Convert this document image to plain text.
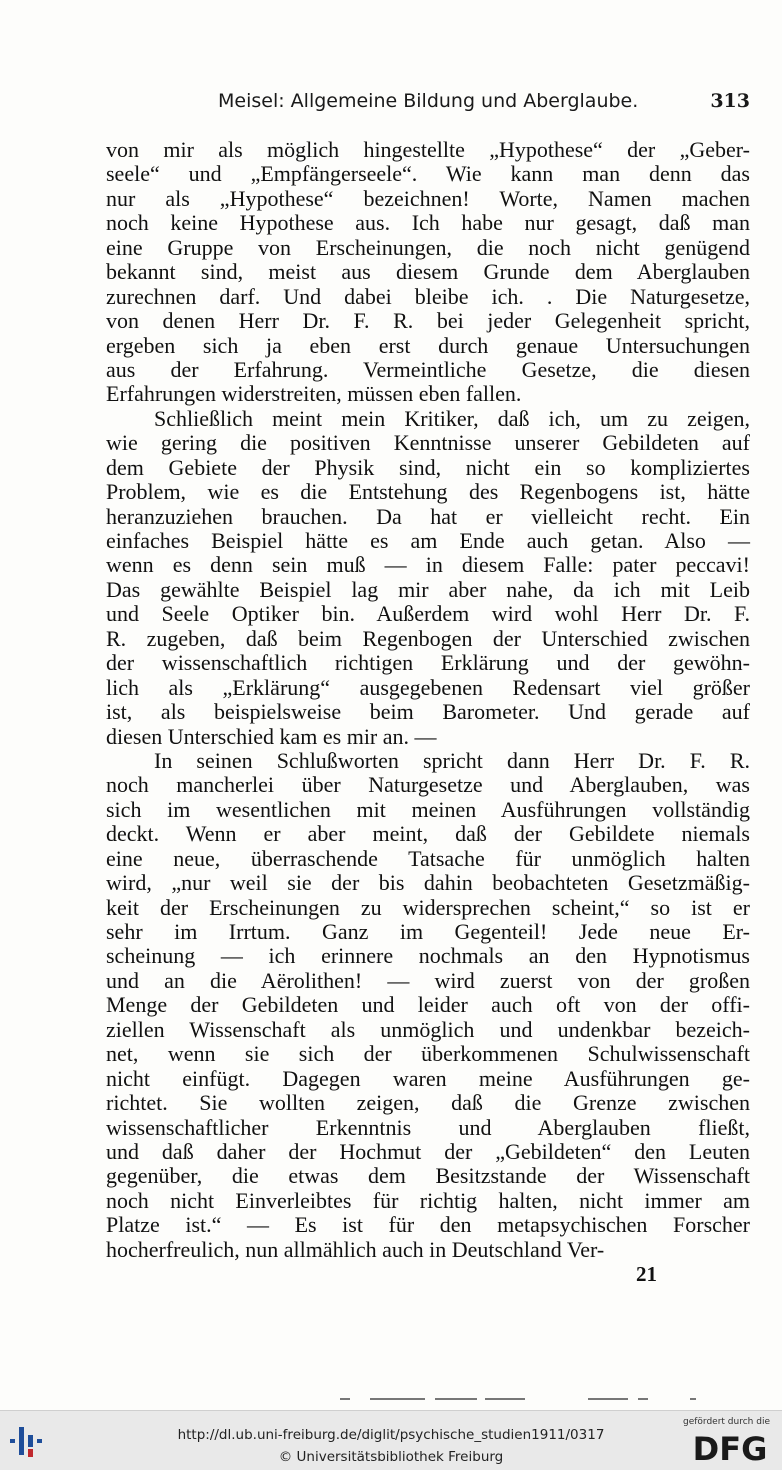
Meisel: Allgemeine Bildung und Aberglaube.	313
von mir als möglich hingestellte „Hypothese“ der „Geber-
seele“ und „Empfängerseele“. Wie kann man denn das
nur als „Hypothese“ bezeichnen! Worte, Namen machen
noch keine Hypothese aus. Ich habe nur gesagt, daß man
eine Gruppe von Erscheinungen, die noch nicht genügend
bekannt sind, meist aus diesem Grunde dem Aberglauben
zurechnen darf. Und dabei bleibe ich. . Die Naturgesetze,
von denen Herr Dr. F. R. bei jeder Gelegenheit spricht,
ergeben sich ja eben erst durch genaue Untersuchungen
aus der Erfahrung. Vermeintliche Gesetze, die diesen
Erfahrungen widerstreiten, müssen eben fallen.
Schließlich meint mein Kritiker, daß ich, um zu zeigen,
wie gering die positiven Kenntnisse unserer Gebildeten auf
dem Gebiete der Physik sind, nicht ein so kompliziertes
Problem, wie es die Entstehung des Regenbogens ist, hätte
heranzuziehen brauchen. Da hat er vielleicht recht. Ein
einfaches Beispiel hätte es am Ende auch getan. Also —
wenn es denn sein muß — in diesem Falle: pater peccavi!
Das gewählte Beispiel lag mir aber nahe, da ich mit Leib
und Seele Optiker bin. Außerdem wird wohl Herr Dr. F.
R. zugeben, daß beim Regenbogen der Unterschied zwischen
der wissenschaftlich richtigen Erklärung und der gewöhn-
lich als „Erklärung“ ausgegebenen Redensart viel größer
ist, als beispielsweise beim Barometer. Und gerade auf
diesen Unterschied kam es mir an. —
In seinen Schlußworten spricht dann Herr Dr. F. R.
noch mancherlei über Naturgesetze und Aberglauben, was
sich im wesentlichen mit meinen Ausführungen vollständig
deckt. Wenn er aber meint, daß der Gebildete niemals
eine neue, überraschende Tatsache für unmöglich halten
wird, „nur weil sie der bis dahin beobachteten Gesetzmäßig-
keit der Erscheinungen zu widersprechen scheint,“ so ist er
sehr im Irrtum. Ganz im Gegenteil! Jede neue Er-
scheinung — ich erinnere nochmals an den Hypnotismus
und an die Aërolithen! — wird zuerst von der großen
Menge der Gebildeten und leider auch oft von der offi-
ziellen Wissenschaft als unmöglich und undenkbar bezeich-
net, wenn sie sich der überkommenen Schulwissenschaft
nicht einfügt. Dagegen waren meine Ausführungen ge-
richtet. Sie wollten zeigen, daß die Grenze zwischen
wissenschaftlicher Erkenntnis und Aberglauben fließt,
und daß daher der Hochmut der „Gebildeten“ den Leuten
gegenüber, die etwas dem Besitzstande der Wissenschaft
noch nicht Einverleibtes für richtig halten, nicht immer am
Platze ist.“ — Es ist für den metapsychischen Forscher
hocherfreulich, nun allmählich auch in Deutschland Ver-
21
http://dl.ub.uni-freiburg.de/diglit/psychische_studien1911/0317
© Universitätsbibliothek Freiburg
gefördert durch die
DFG
